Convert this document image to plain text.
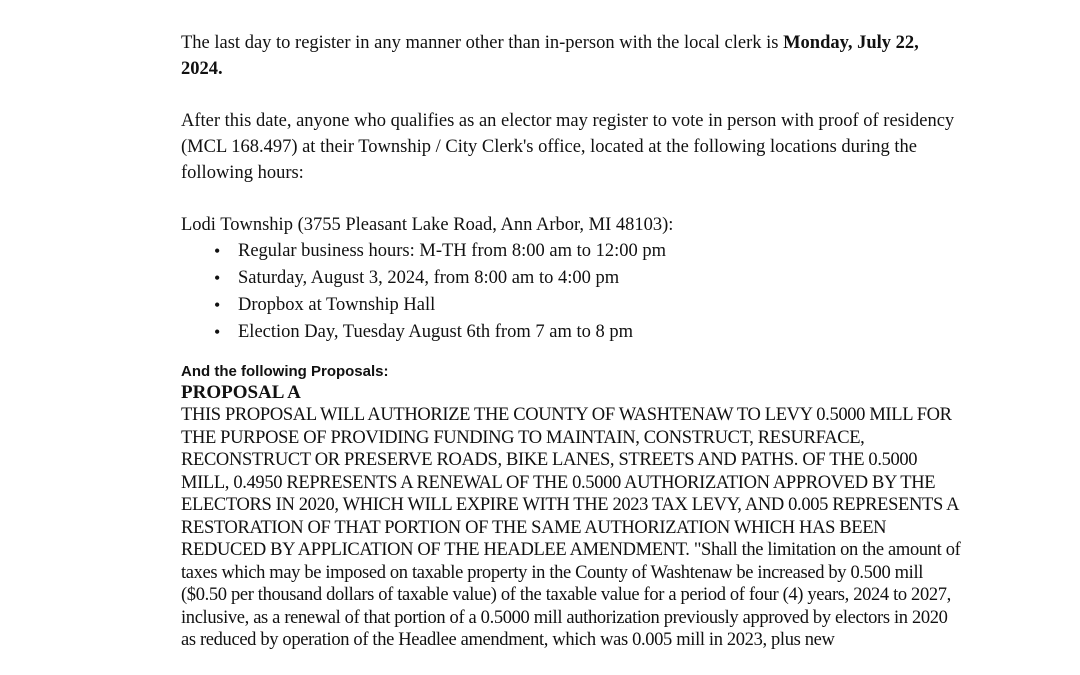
The last day to register in any manner other than in-person with the local clerk is Monday, July 22, 2024.

After this date, anyone who qualifies as an elector may register to vote in person with proof of residency (MCL 168.497) at their Township / City Clerk's office, located at the following locations during the following hours:

Lodi Township (3755 Pleasant Lake Road, Ann Arbor, MI 48103):

• Regular business hours: M-TH from 8:00 am to 12:00 pm
• Saturday, August 3, 2024, from 8:00 am to 4:00 pm
• Dropbox at Township Hall
• Election Day, Tuesday August 6th from 7 am to 8 pm

And the following Proposals:

PROPOSAL A

THIS PROPOSAL WILL AUTHORIZE THE COUNTY OF WASHTENAW TO LEVY 0.5000 MILL FOR THE PURPOSE OF PROVIDING FUNDING TO MAINTAIN, CONSTRUCT, RESURFACE, RECONSTRUCT OR PRESERVE ROADS, BIKE LANES, STREETS AND PATHS. OF THE 0.5000 MILL, 0.4950 REPRESENTS A RENEWAL OF THE 0.5000 AUTHORIZATION APPROVED BY THE ELECTORS IN 2020, WHICH WILL EXPIRE WITH THE 2023 TAX LEVY, AND 0.005 REPRESENTS A RESTORATION OF THAT PORTION OF THE SAME AUTHORIZATION WHICH HAS BEEN REDUCED BY APPLICATION OF THE HEADLEE AMENDMENT. "Shall the limitation on the amount of taxes which may be imposed on taxable property in the County of Washtenaw be increased by 0.500 mill ($0.50 per thousand dollars of taxable value) of the taxable value for a period of four (4) years, 2024 to 2027, inclusive, as a renewal of that portion of a 0.5000 mill authorization previously approved by electors in 2020 as reduced by operation of the Headlee amendment, which was 0.005 mill in 2023, plus new
